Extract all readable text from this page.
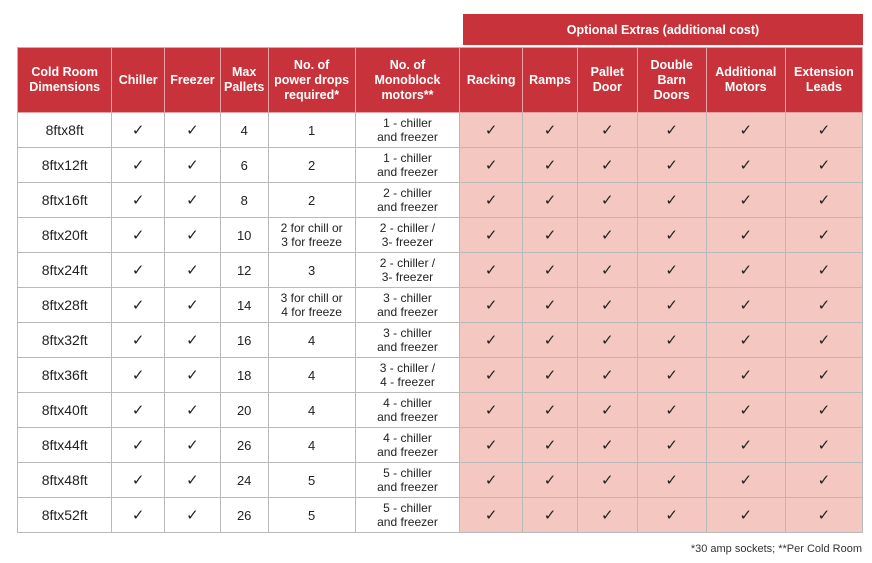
Optional Extras (additional cost)
Cold Room
Dimensions	Chiller	Freezer	Max
Pallets	No. of
power drops
required*	No. of
Monoblock
motors**	Racking	Ramps	Pallet
Door	Double
Barn
Doors	Additional
Motors	Extension
Leads
8ftx8ft	✓	✓	4	1	1 - chiller
and freezer	✓	✓	✓	✓	✓	✓
8ftx12ft	✓	✓	6	2	1 - chiller
and freezer	✓	✓	✓	✓	✓	✓
8ftx16ft	✓	✓	8	2	2 - chiller
and freezer	✓	✓	✓	✓	✓	✓
8ftx20ft	✓	✓	10	2 for chill or
3 for freeze	2 - chiller /
3- freezer	✓	✓	✓	✓	✓	✓
8ftx24ft	✓	✓	12	3	2 - chiller /
3- freezer	✓	✓	✓	✓	✓	✓
8ftx28ft	✓	✓	14	3 for chill or
4 for freeze	3 - chiller
and freezer	✓	✓	✓	✓	✓	✓
8ftx32ft	✓	✓	16	4	3 - chiller
and freezer	✓	✓	✓	✓	✓	✓
8ftx36ft	✓	✓	18	4	3 - chiller /
4 - freezer	✓	✓	✓	✓	✓	✓
8ftx40ft	✓	✓	20	4	4 - chiller
and freezer	✓	✓	✓	✓	✓	✓
8ftx44ft	✓	✓	26	4	4 - chiller
and freezer	✓	✓	✓	✓	✓	✓
8ftx48ft	✓	✓	24	5	5 - chiller
and freezer	✓	✓	✓	✓	✓	✓
8ftx52ft	✓	✓	26	5	5 - chiller
and freezer	✓	✓	✓	✓	✓	✓
*30 amp sockets; **Per Cold Room
